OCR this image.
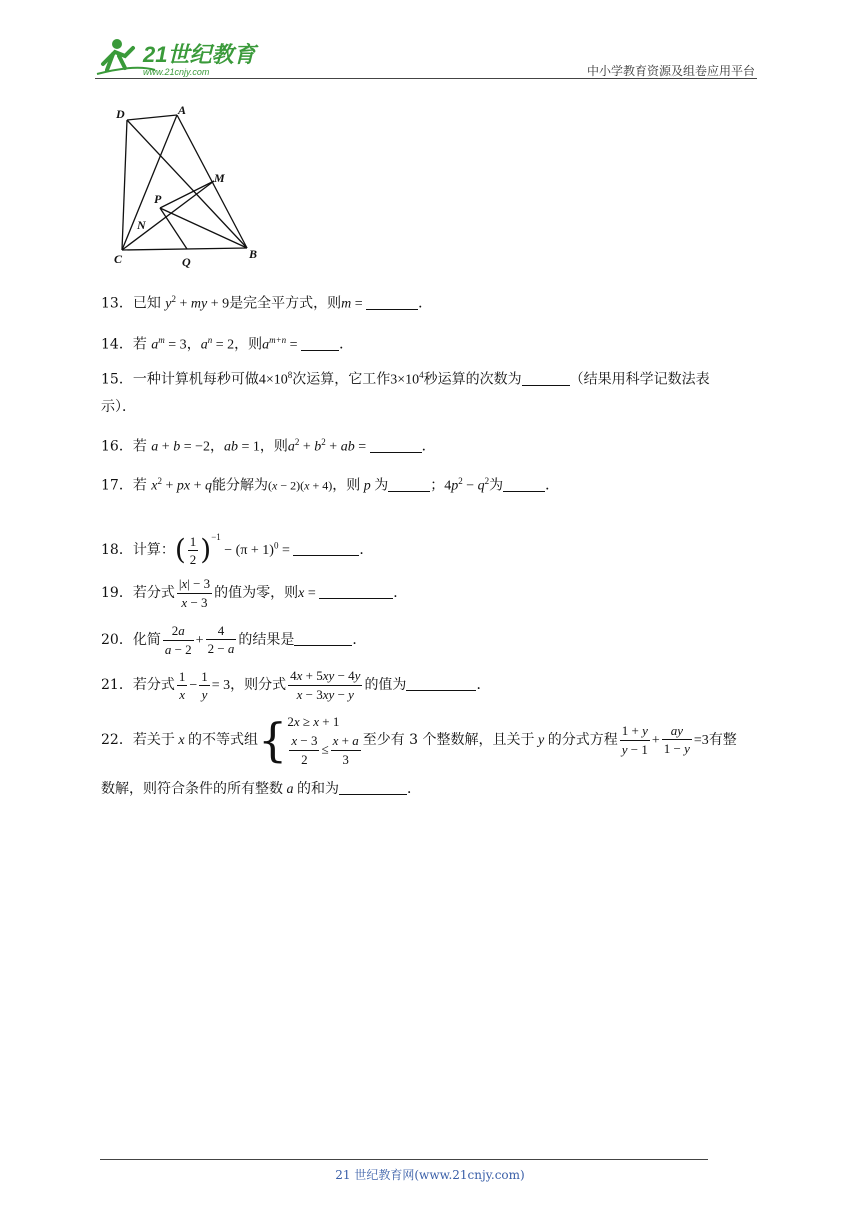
21世纪教育
www.21cnjy.com	中小学教育资源及组卷应用平台
D	A
M
P
N
C	Q
B
13．已知 $y^2$ + my + 9是完全平方式，则m =	．
14．若 $a^m = 3$，$a^n = 2$，则$a^{m+n}$ =	．
15．一种计算机每秒可做$4\times 10^8$次运算，它工作$3\times 10^4$秒运算的次数为	（结果用科学记数法表
示）．
16．若 a + b = −2，ab = 1，则$a^2 + b^2$ + ab =	．
17．若 $x^2$ + px + q能分解为(x − 2)(x + 4)，则 p 为	；$4p^2 - q^2$为	．
18．计算：( $\frac{1}{2} )^{-1} - (\pi + 1)^0$ =	．
19．若分式 $\frac{|x| - 3}{x - 3}$ 的值为零，则x =	．
20．化简 $\frac{2a}{a - 2} + \frac{4}{2 - a}$ 的结果是	．
21．若分式 $\frac{1}{x} - \frac{1}{y} = 3$，则分式 $\frac{4x + 5xy - 4y}{x - 3xy - y}$ 的值为	．
22．若关于 x 的不等式组{ 2x ≥ x + 1
$\frac{x - 3}{2} \le \frac{x + a}{3}$ 至少有 3 个整数解，且关于 y 的分式方程 $\frac{1 + y}{y - 1} + \frac{ay}{1 - y} =3$有整
数解，则符合条件的所有整数 a 的和为	．
21 世纪教育网(www.21cnjy.com)
